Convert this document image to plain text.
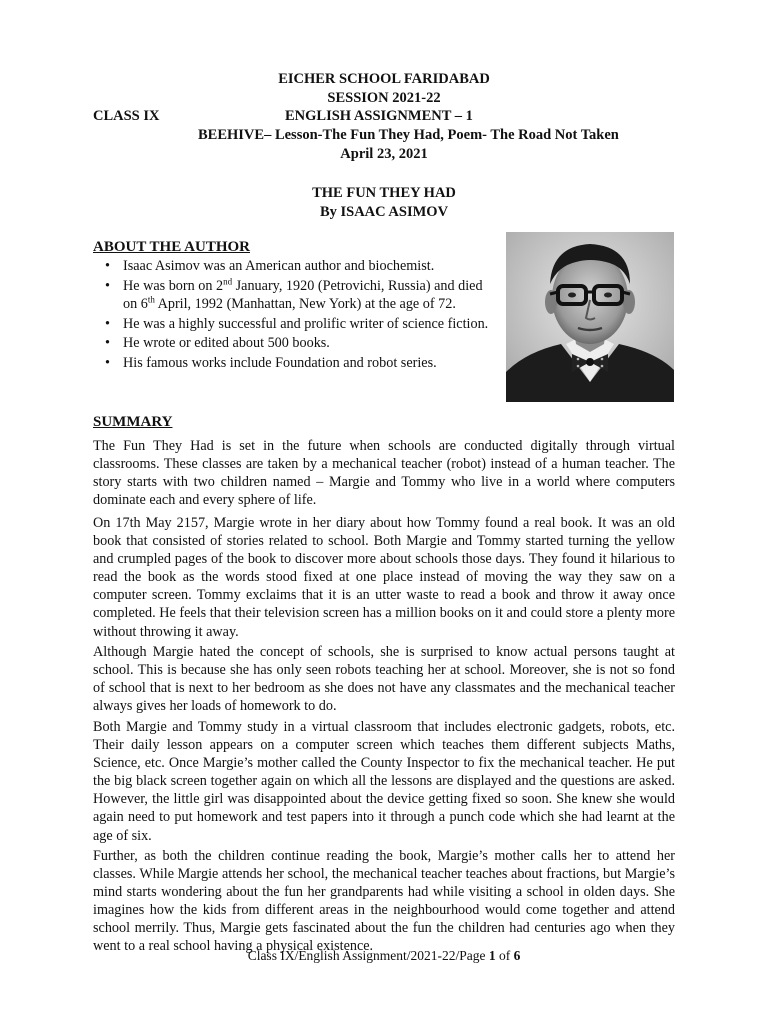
EICHER SCHOOL FARIDABAD
SESSION 2021-22
CLASS IX	ENGLISH ASSIGNMENT – 1
BEEHIVE– Lesson-The Fun They Had, Poem- The Road Not Taken
April 23, 2021
THE FUN THEY HAD
By ISAAC ASIMOV
ABOUT THE AUTHOR
• Isaac Asimov was an American author and biochemist.
• He was born on 2nd January, 1920 (Petrovichi, Russia) and died on 6th April, 1992 (Manhattan, New York) at the age of 72.
• He was a highly successful and prolific writer of science fiction.
• He wrote or edited about 500 books.
• His famous works include Foundation and robot series.
SUMMARY

The Fun They Had is set in the future when schools are conducted digitally through virtual classrooms. These classes are taken by a mechanical teacher (robot) instead of a human teacher. The story starts with two children named – Margie and Tommy who live in a world where computers dominate each and every sphere of life.

On 17th May 2157, Margie wrote in her diary about how Tommy found a real book. It was an old book that consisted of stories related to school. Both Margie and Tommy started turning the yellow and crumpled pages of the book to discover more about schools those days. They found it hilarious to read the book as the words stood fixed at one place instead of moving the way they saw on a computer screen. Tommy exclaims that it is an utter waste to read a book and throw it away once completed. He feels that their television screen has a million books on it and could store a plenty more without throwing it away.

Although Margie hated the concept of schools, she is surprised to know actual persons taught at school. This is because she has only seen robots teaching her at school. Moreover, she is not so fond of school that is next to her bedroom as she does not have any classmates and the mechanical teacher always gives her loads of homework to do.

Both Margie and Tommy study in a virtual classroom that includes electronic gadgets, robots, etc. Their daily lesson appears on a computer screen which teaches them different subjects Maths, Science, etc. Once Margie’s mother called the County Inspector to fix the mechanical teacher. He put the big black screen together again on which all the lessons are displayed and the questions are asked. However, the little girl was disappointed about the device getting fixed so soon. She knew she would again need to put homework and test papers into it through a punch code which she had learnt at the age of six.

Further, as both the children continue reading the book, Margie’s mother calls her to attend her classes. While Margie attends her school, the mechanical teacher teaches about fractions, but Margie’s mind starts wondering about the fun her grandparents had while visiting a school in olden days. She imagines how the kids from different areas in the neighbourhood would come together and attend school merrily. Thus, Margie gets fascinated about the fun the children had centuries ago when they went to a real school having a physical existence.

Class IX/English Assignment/2021-22/Page 1 of 6
